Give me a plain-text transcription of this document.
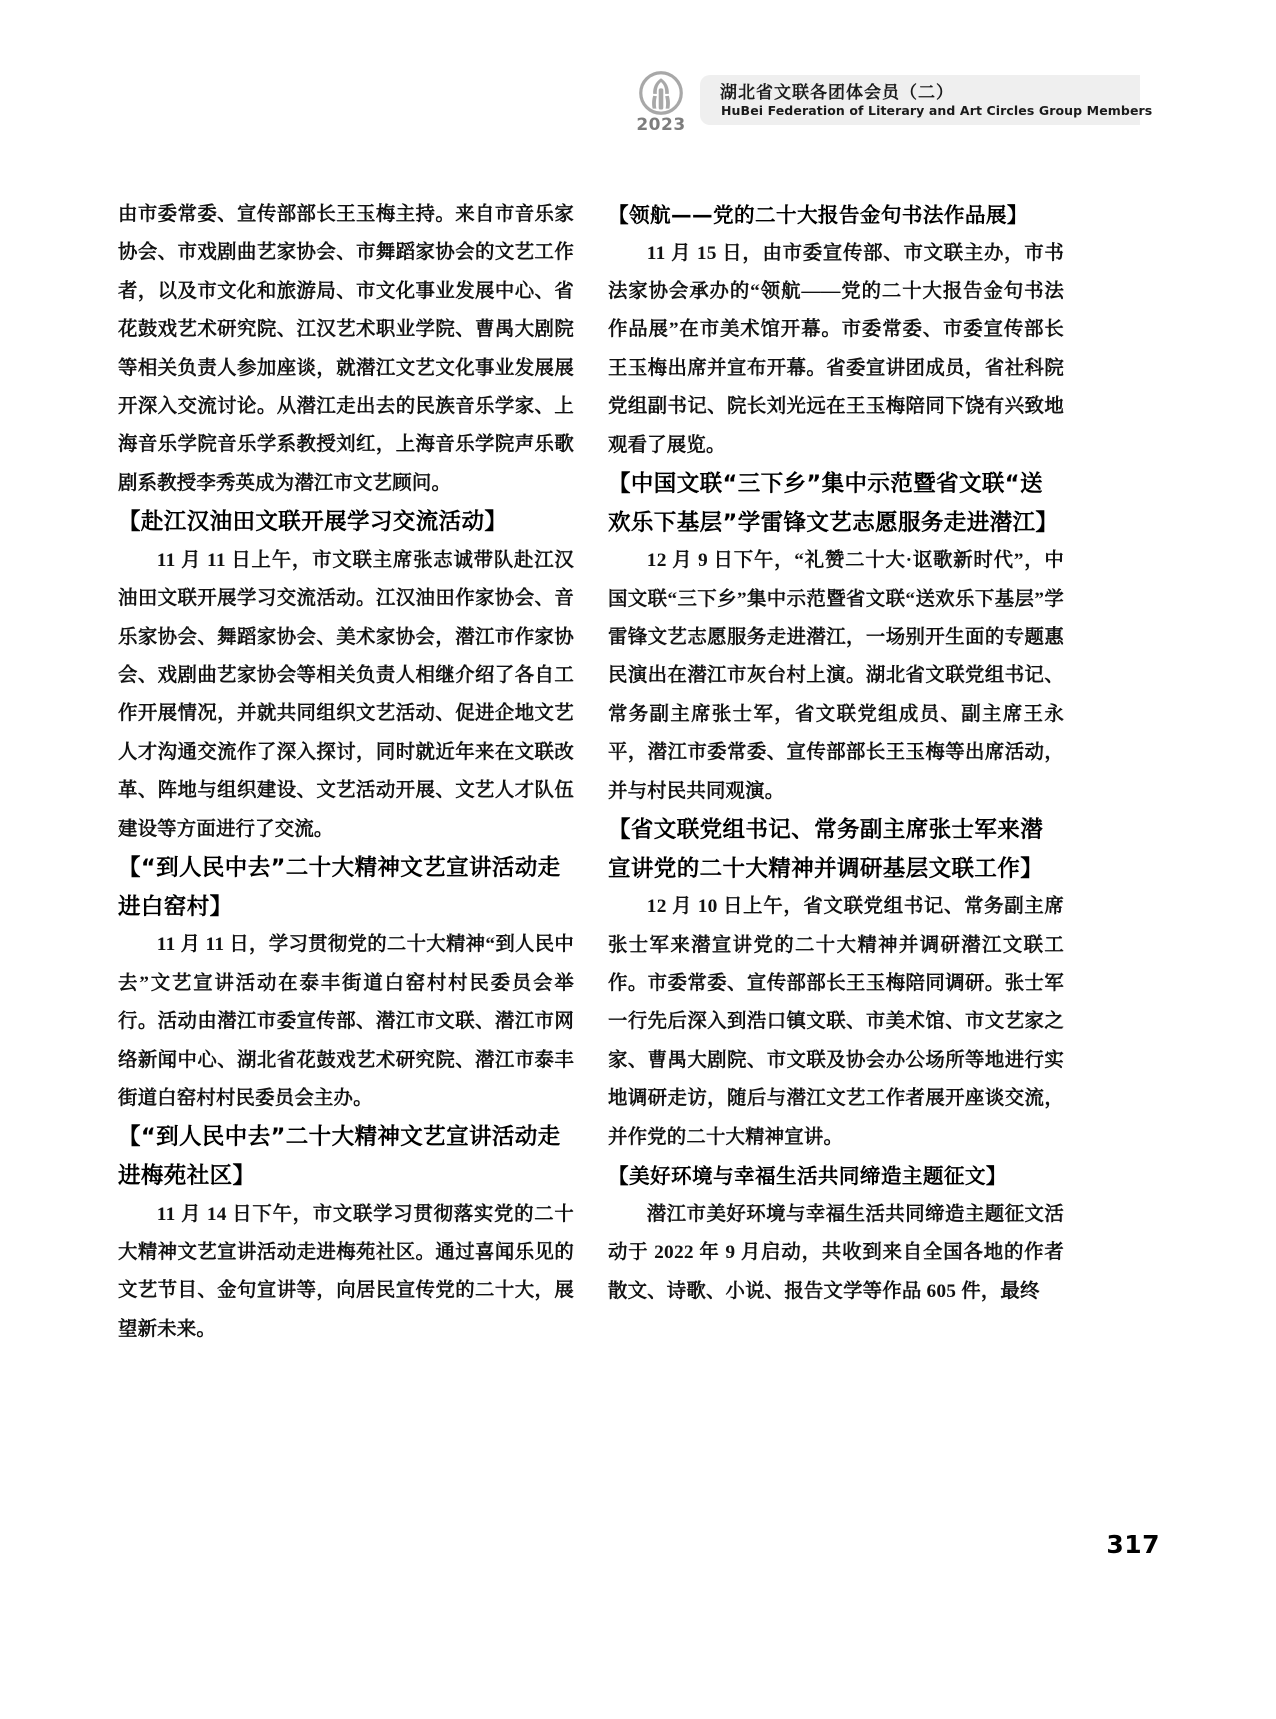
2023
湖北省文联各团体会员（二）
HuBei Federation of Literary and Art Circles Group Members

由市委常委、宣传部部长王玉梅主持。来自市音乐家协会、市戏剧曲艺家协会、市舞蹈家协会的文艺工作者，以及市文化和旅游局、市文化事业发展中心、省花鼓戏艺术研究院、江汉艺术职业学院、曹禺大剧院等相关负责人参加座谈，就潜江文艺文化事业发展展开深入交流讨论。从潜江走出去的民族音乐学家、上海音乐学院音乐学系教授刘红，上海音乐学院声乐歌剧系教授李秀英成为潜江市文艺顾问。

【赴江汉油田文联开展学习交流活动】

11 月 11 日上午，市文联主席张志诚带队赴江汉油田文联开展学习交流活动。江汉油田作家协会、音乐家协会、舞蹈家协会、美术家协会，潜江市作家协会、戏剧曲艺家协会等相关负责人相继介绍了各自工作开展情况，并就共同组织文艺活动、促进企地文艺人才沟通交流作了深入探讨，同时就近年来在文联改革、阵地与组织建设、文艺活动开展、文艺人才队伍建设等方面进行了交流。

【“到人民中去”二十大精神文艺宣讲活动走进白窑村】

11 月 11 日，学习贯彻党的二十大精神“到人民中去”文艺宣讲活动在泰丰街道白窑村村民委员会举行。活动由潜江市委宣传部、潜江市文联、潜江市网络新闻中心、湖北省花鼓戏艺术研究院、潜江市泰丰街道白窑村村民委员会主办。

【“到人民中去”二十大精神文艺宣讲活动走进梅苑社区】

11 月 14 日下午，市文联学习贯彻落实党的二十大精神文艺宣讲活动走进梅苑社区。通过喜闻乐见的文艺节目、金句宣讲等，向居民宣传党的二十大，展望新未来。

【领航——党的二十大报告金句书法作品展】

11 月 15 日，由市委宣传部、市文联主办，市书法家协会承办的“领航——党的二十大报告金句书法作品展”在市美术馆开幕。市委常委、市委宣传部长王玉梅出席并宣布开幕。省委宣讲团成员，省社科院党组副书记、院长刘光远在王玉梅陪同下饶有兴致地观看了展览。

【中国文联“三下乡”集中示范暨省文联“送欢乐下基层”学雷锋文艺志愿服务走进潜江】

12 月 9 日下午，“礼赞二十大·讴歌新时代”，中国文联“三下乡”集中示范暨省文联“送欢乐下基层”学雷锋文艺志愿服务走进潜江，一场别开生面的专题惠民演出在潜江市灰台村上演。湖北省文联党组书记、常务副主席张士军，省文联党组成员、副主席王永平，潜江市委常委、宣传部部长王玉梅等出席活动，并与村民共同观演。

【省文联党组书记、常务副主席张士军来潜宣讲党的二十大精神并调研基层文联工作】

12 月 10 日上午，省文联党组书记、常务副主席张士军来潜宣讲党的二十大精神并调研潜江文联工作。市委常委、宣传部部长王玉梅陪同调研。张士军一行先后深入到浩口镇文联、市美术馆、市文艺家之家、曹禺大剧院、市文联及协会办公场所等地进行实地调研走访，随后与潜江文艺工作者展开座谈交流，并作党的二十大精神宣讲。

【美好环境与幸福生活共同缔造主题征文】

潜江市美好环境与幸福生活共同缔造主题征文活动于 2022 年 9 月启动，共收到来自全国各地的作者散文、诗歌、小说、报告文学等作品 605 件，最终

317
